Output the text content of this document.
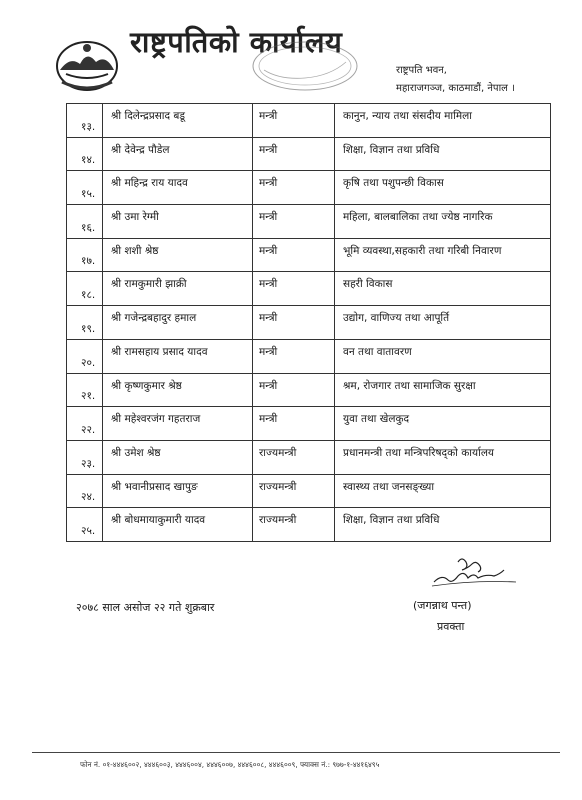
राष्ट्रपतिको कार्यालय
राष्ट्रपति भवन,
महाराजगञ्ज, काठमाडौं, नेपाल ।
१३.	श्री दिलेन्द्रप्रसाद बडू	मन्त्री	कानुन, न्याय तथा संसदीय मामिला
१४.	श्री देवेन्द्र पौडेल	मन्त्री	शिक्षा, विज्ञान तथा प्रविधि
१५.	श्री महिन्द्र राय यादव	मन्त्री	कृषि तथा पशुपन्छी विकास
१६.	श्री उमा रेग्मी	मन्त्री	महिला, बालबालिका तथा ज्येष्ठ नागरिक
१७.	श्री शशी श्रेष्ठ	मन्त्री	भूमि व्यवस्था,सहकारी तथा गरिबी निवारण
१८.	श्री रामकुमारी झाक्री	मन्त्री	सहरी विकास
१९.	श्री गजेन्द्रबहादुर हमाल	मन्त्री	उद्योग, वाणिज्य तथा आपूर्ति
२०.	श्री रामसहाय प्रसाद यादव	मन्त्री	वन तथा वातावरण
२१.	श्री कृष्णकुमार श्रेष्ठ	मन्त्री	श्रम, रोजगार तथा सामाजिक सुरक्षा
२२.	श्री महेश्वरजंग गहतराज	मन्त्री	युवा तथा खेलकुद
२३.	श्री उमेश श्रेष्ठ	राज्यमन्त्री	प्रधानमन्त्री तथा मन्त्रिपरिषद्को कार्यालय
२४.	श्री भवानीप्रसाद खापुङ	राज्यमन्त्री	स्वास्थ्य तथा जनसङ्ख्या
२५.	श्री बोधमायाकुमारी यादव	राज्यमन्त्री	शिक्षा, विज्ञान तथा प्रविधि
२०७८ साल असोज २२ गते शुक्रबार	(जगन्नाथ पन्त)
प्रवक्ता
फोन नं. ०१-४४४६००२, ४४४६००३, ४४४६००४, ४४४६००७, ४४४६००८, ४४४६००९, फ्याक्स नं.: ९७७-१-४४१६४९५
